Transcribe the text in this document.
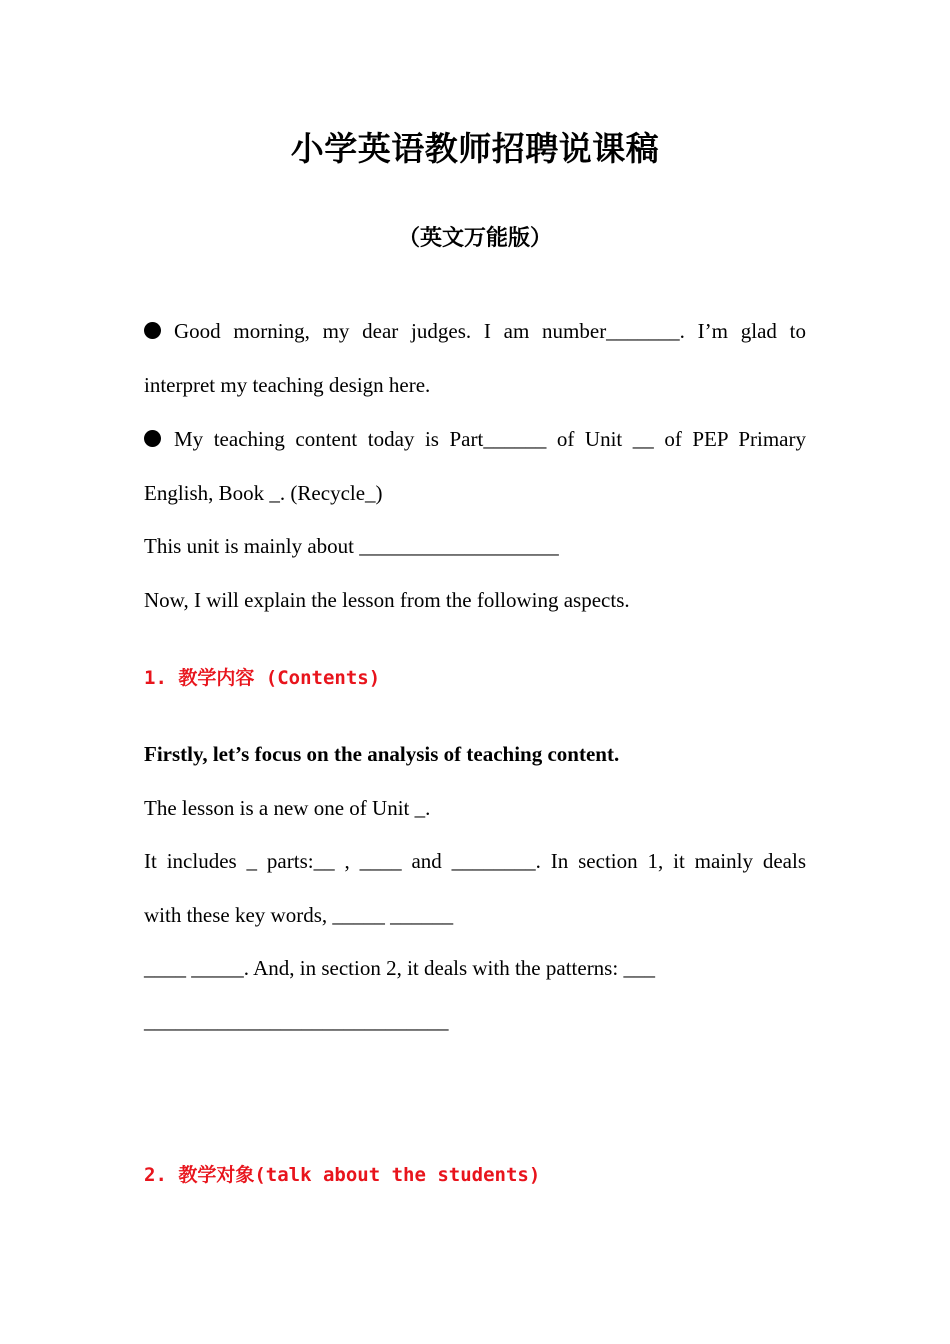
小学英语教师招聘说课稿
（英文万能版）
Good morning, my dear judges. I am number_______. I’m glad to
interpret my teaching design here.
My teaching content today is Part______ of Unit __ of PEP Primary
English, Book _. (Recycle_)
This unit is mainly about ___________________
Now, I will explain the lesson from the following aspects.
1. 教学内容 (Contents)
Firstly, let’s focus on the analysis of teaching content.
The lesson is a new one of Unit _.
It includes _ parts:__ , ____ and ________. In section 1, it mainly deals
with these key words, _____ ______
____ _____. And, in section 2, it deals with the patterns: ___
_____________________________
2. 教学对象(talk about the students)
